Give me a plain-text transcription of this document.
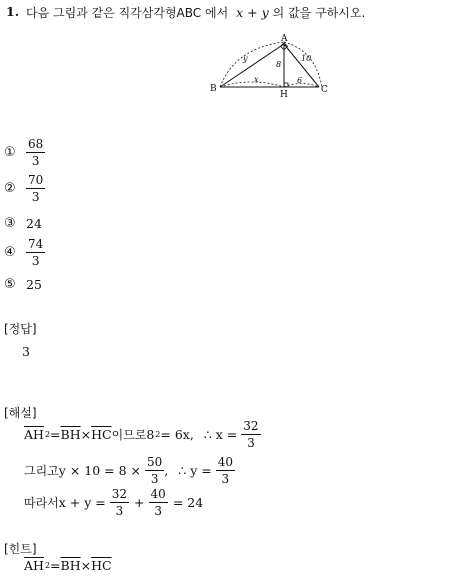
1. 다음 그림과 같은 직각삼각형ABC 에서 x + y 의 값을 구하시오.
A
B	C
H
y	10
8
x	6
① $\frac{68}{3}$
② $\frac{70}{3}$
③ 24
④ $\frac{74}{3}$
⑤ 25
[정답]
3
[해설]
$\overline{AH}$ $2 = \overline{BH} \times \overline{HC}$ 이므로 8 2 = 6x, ∴ $x = \frac{32}{3}$
그리고 $y \times 10 = 8 \times \frac{50}{3}$ , ∴ $y = \frac{40}{3}$
따라서 $x + y = \frac{32}{3} + \frac{40}{3} = 24$
[힌트]
$\overline{AH}$ $2 = \overline{BH} \times \overline{HC}$
